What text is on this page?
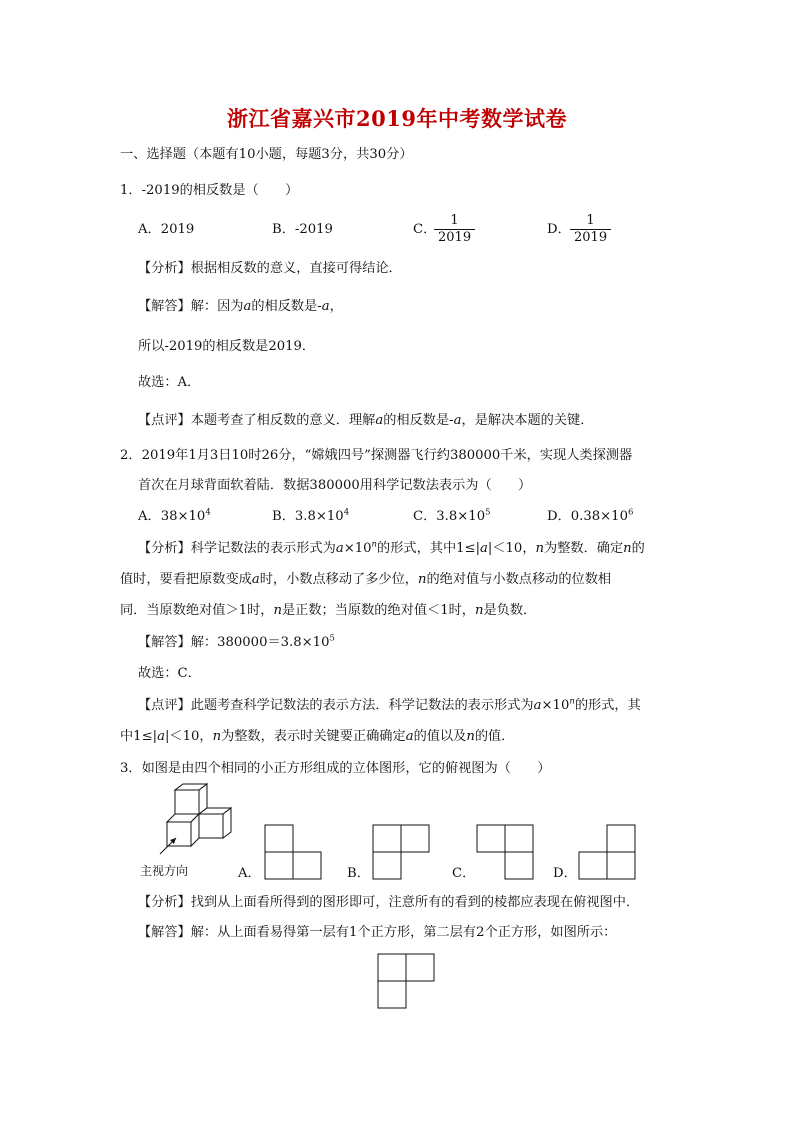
浙江省嘉兴市2019年中考数学试卷
一、选择题（本题有10小题，每题3分，共30分）
1．-2019的相反数是（　　）
A．2019	B．-2019	C．
$\frac{1}{2019}$	D．-
$\frac{1}{2019}$
【分析】根据相反数的意义，直接可得结论．
【解答】解：因为a的相反数是-a，
所以-2019的相反数是2019．
故选：A．
【点评】本题考查了相反数的意义．理解a的相反数是-a，是解决本题的关键．
2．2019年1月3日10时26分，“嫦娥四号”探测器飞行约380000千米，实现人类探测器
首次在月球背面软着陆．数据380000用科学记数法表示为（　　）
A．$38\times 10^4$	B．$3.8\times 10^4$	C．$3.8\times 10^5$	D．$0.38\times 10^6$
【分析】科学记数法的表示形式为$a\times 10^n$的形式，其中1≤|a|＜10，n为整数．确定n的
值时，要看把原数变成a时，小数点移动了多少位，n的绝对值与小数点移动的位数相
同．当原数绝对值＞1时，n是正数；当原数的绝对值＜1时，n是负数．
【解答】解：$380000=3.8\times 10^5$
故选：C．
【点评】此题考查科学记数法的表示方法．科学记数法的表示形式为$a\times 10^n$的形式，其
中1≤|a|＜10，n为整数，表示时关键要正确确定a的值以及n的值．
3．如图是由四个相同的小正方形组成的立体图形，它的俯视图为（　　）
主视方向	A．	B．	C．	D．
【分析】找到从上面看所得到的图形即可，注意所有的看到的棱都应表现在俯视图中．
【解答】解：从上面看易得第一层有1个正方形，第二层有2个正方形，如图所示：
